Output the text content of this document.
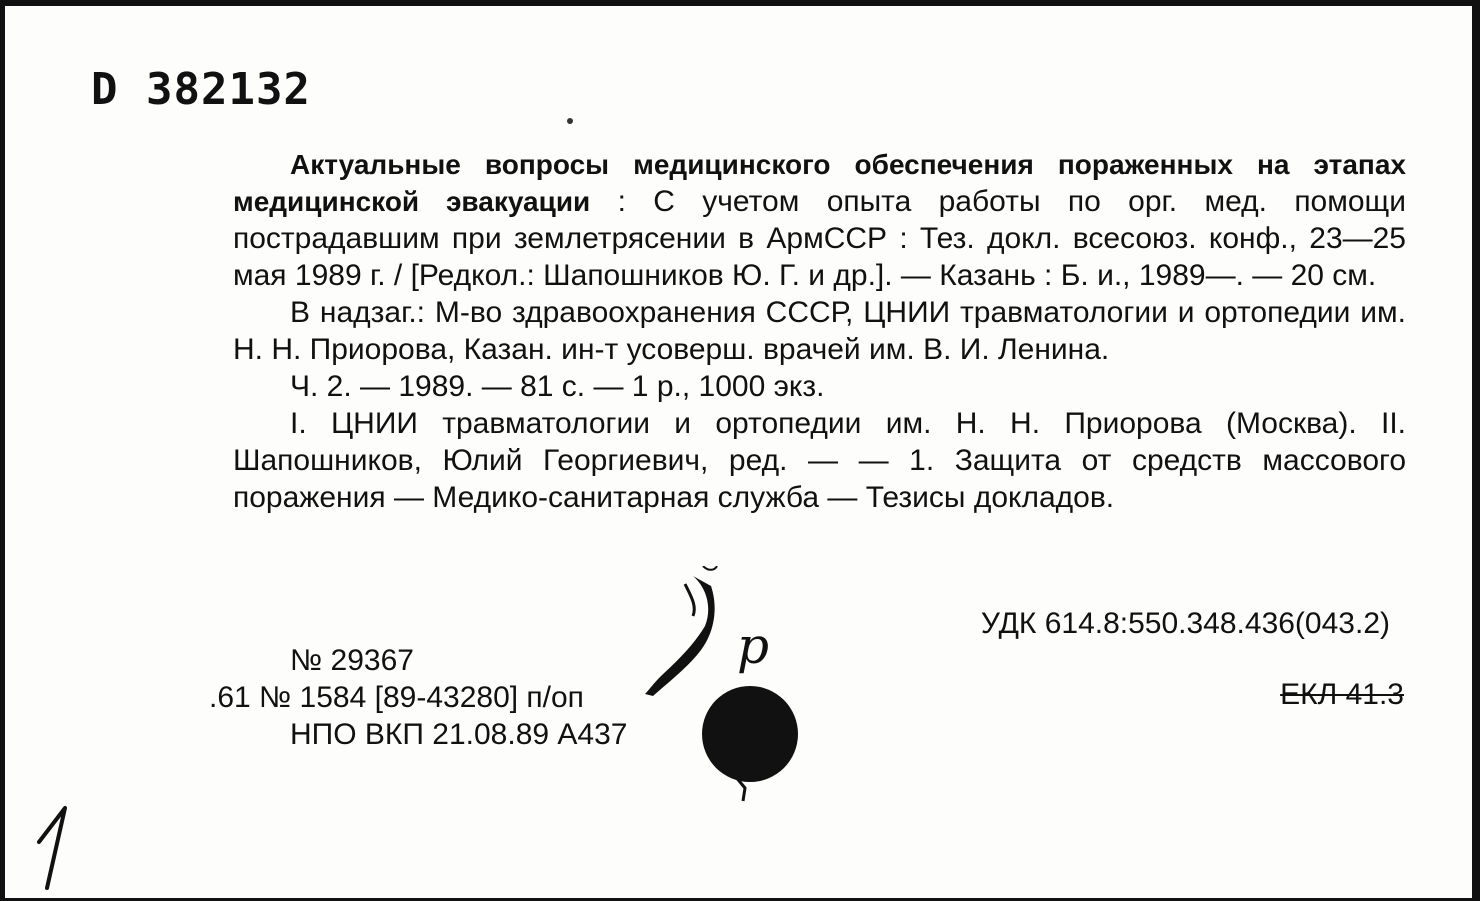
D 382132

Актуальные вопросы медицинского обеспечения пораженных на этапах медицинской эвакуации : С учетом опыта работы по орг. мед. помощи пострадавшим при землетрясении в АрмССР : Тез. докл. всесоюз. конф., 23—25 мая 1989 г. / [Редкол.: Шапошников Ю. Г. и др.]. — Казань : Б. и., 1989—. — 20 см.

В надзаг.: М-во здравоохранения СССР, ЦНИИ травматологии и ортопедии им. Н. Н. Приорова, Казан. ин-т усоверш. врачей им. В. И. Ленина.

Ч. 2. — 1989. — 81 с. — 1 р., 1000 экз.

I. ЦНИИ травматологии и ортопедии им. Н. Н. Приорова (Москва). II. Шапошников, Юлий Георгиевич, ред. — — 1. Защита от средств массового поражения — Медико-санитарная служба — Тезисы докладов.

УДК 614.8:550.348.436(043.2)
№ 29367
.61 № 1584 [89-43280] п/оп
НПО ВКП 21.08.89 А437
ЕКЛ 41.3
р
